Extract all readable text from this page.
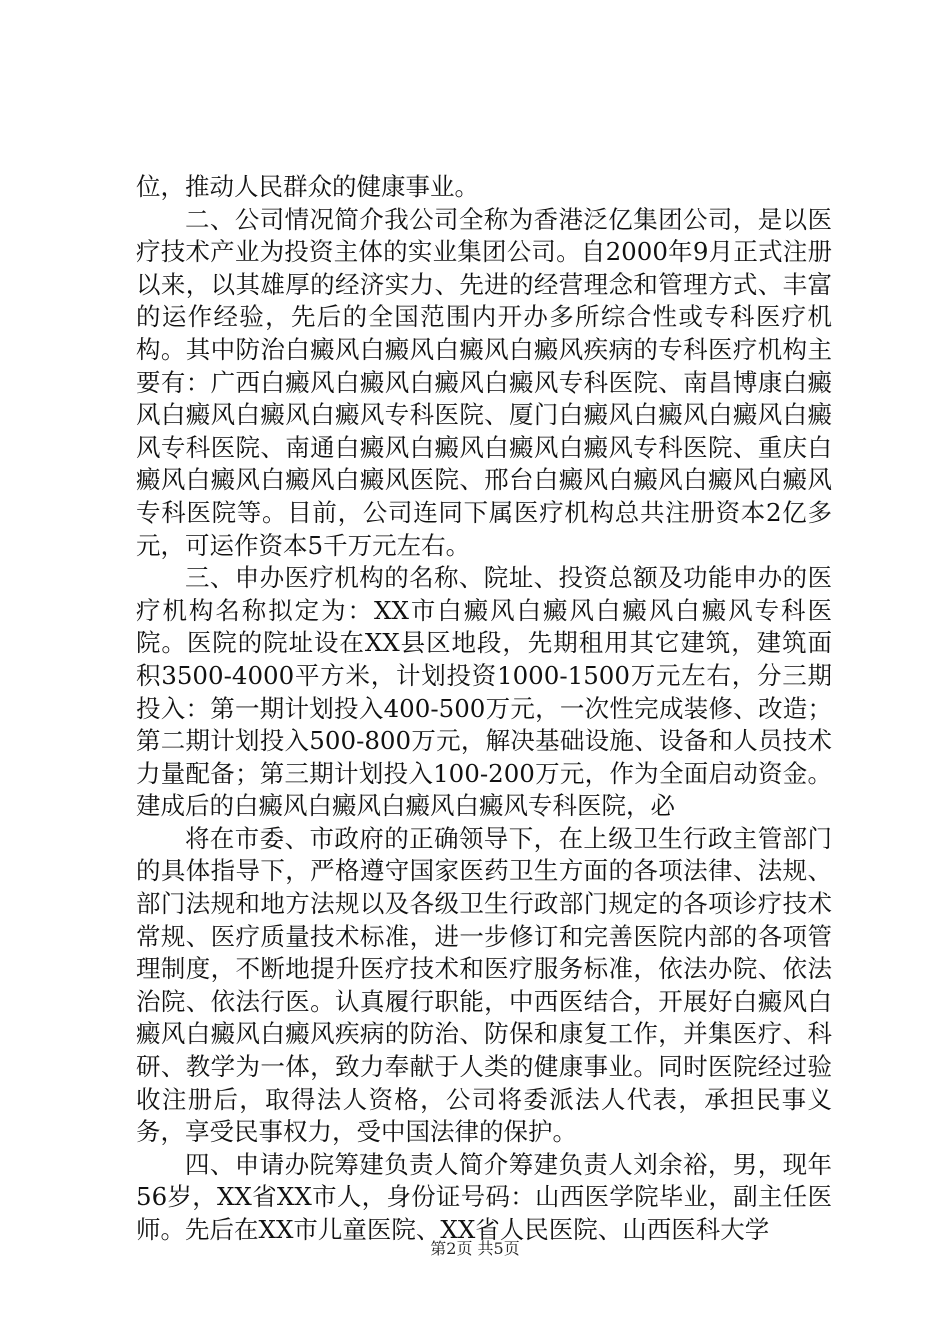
位，推动人民群众的健康事业。

二、公司情况简介我公司全称为香港泛亿集团公司，是以医疗技术产业为投资主体的实业集团公司。自2000年9月正式注册以来，以其雄厚的经济实力、先进的经营理念和管理方式、丰富的运作经验，先后的全国范围内开办多所综合性或专科医疗机构。其中防治白癜风白癜风白癜风白癜风疾病的专科医疗机构主要有：广西白癜风白癜风白癜风白癜风专科医院、南昌博康白癜风白癜风白癜风白癜风专科医院、厦门白癜风白癜风白癜风白癜风专科医院、南通白癜风白癜风白癜风白癜风专科医院、重庆白癜风白癜风白癜风白癜风医院、邢台白癜风白癜风白癜风白癜风专科医院等。目前，公司连同下属医疗机构总共注册资本2亿多元，可运作资本5千万元左右。

三、申办医疗机构的名称、院址、投资总额及功能申办的医疗机构名称拟定为：XX市白癜风白癜风白癜风白癜风专科医院。医院的院址设在XX县区地段，先期租用其它建筑，建筑面积3500-4000平方米，计划投资1000-1500万元左右，分三期投入：第一期计划投入400-500万元，一次性完成装修、改造；第二期计划投入500-800万元，解决基础设施、设备和人员技术力量配备；第三期计划投入100-200万元，作为全面启动资金。建成后的白癜风白癜风白癜风白癜风专科医院，必

将在市委、市政府的正确领导下，在上级卫生行政主管部门的具体指导下，严格遵守国家医药卫生方面的各项法律、法规、部门法规和地方法规以及各级卫生行政部门规定的各项诊疗技术常规、医疗质量技术标准，进一步修订和完善医院内部的各项管理制度，不断地提升医疗技术和医疗服务标准，依法办院、依法治院、依法行医。认真履行职能，中西医结合，开展好白癜风白癜风白癜风白癜风疾病的防治、防保和康复工作，并集医疗、科研、教学为一体，致力奉献于人类的健康事业。同时医院经过验收注册后，取得法人资格，公司将委派法人代表，承担民事义务，享受民事权力，受中国法律的保护。

四、申请办院筹建负责人简介筹建负责人刘余裕，男，现年56岁，XX省XX市人，身份证号码：山西医学院毕业，副主任医师。先后在XX市儿童医院、XX省人民医院、山西医科大学

第2页 共5页
